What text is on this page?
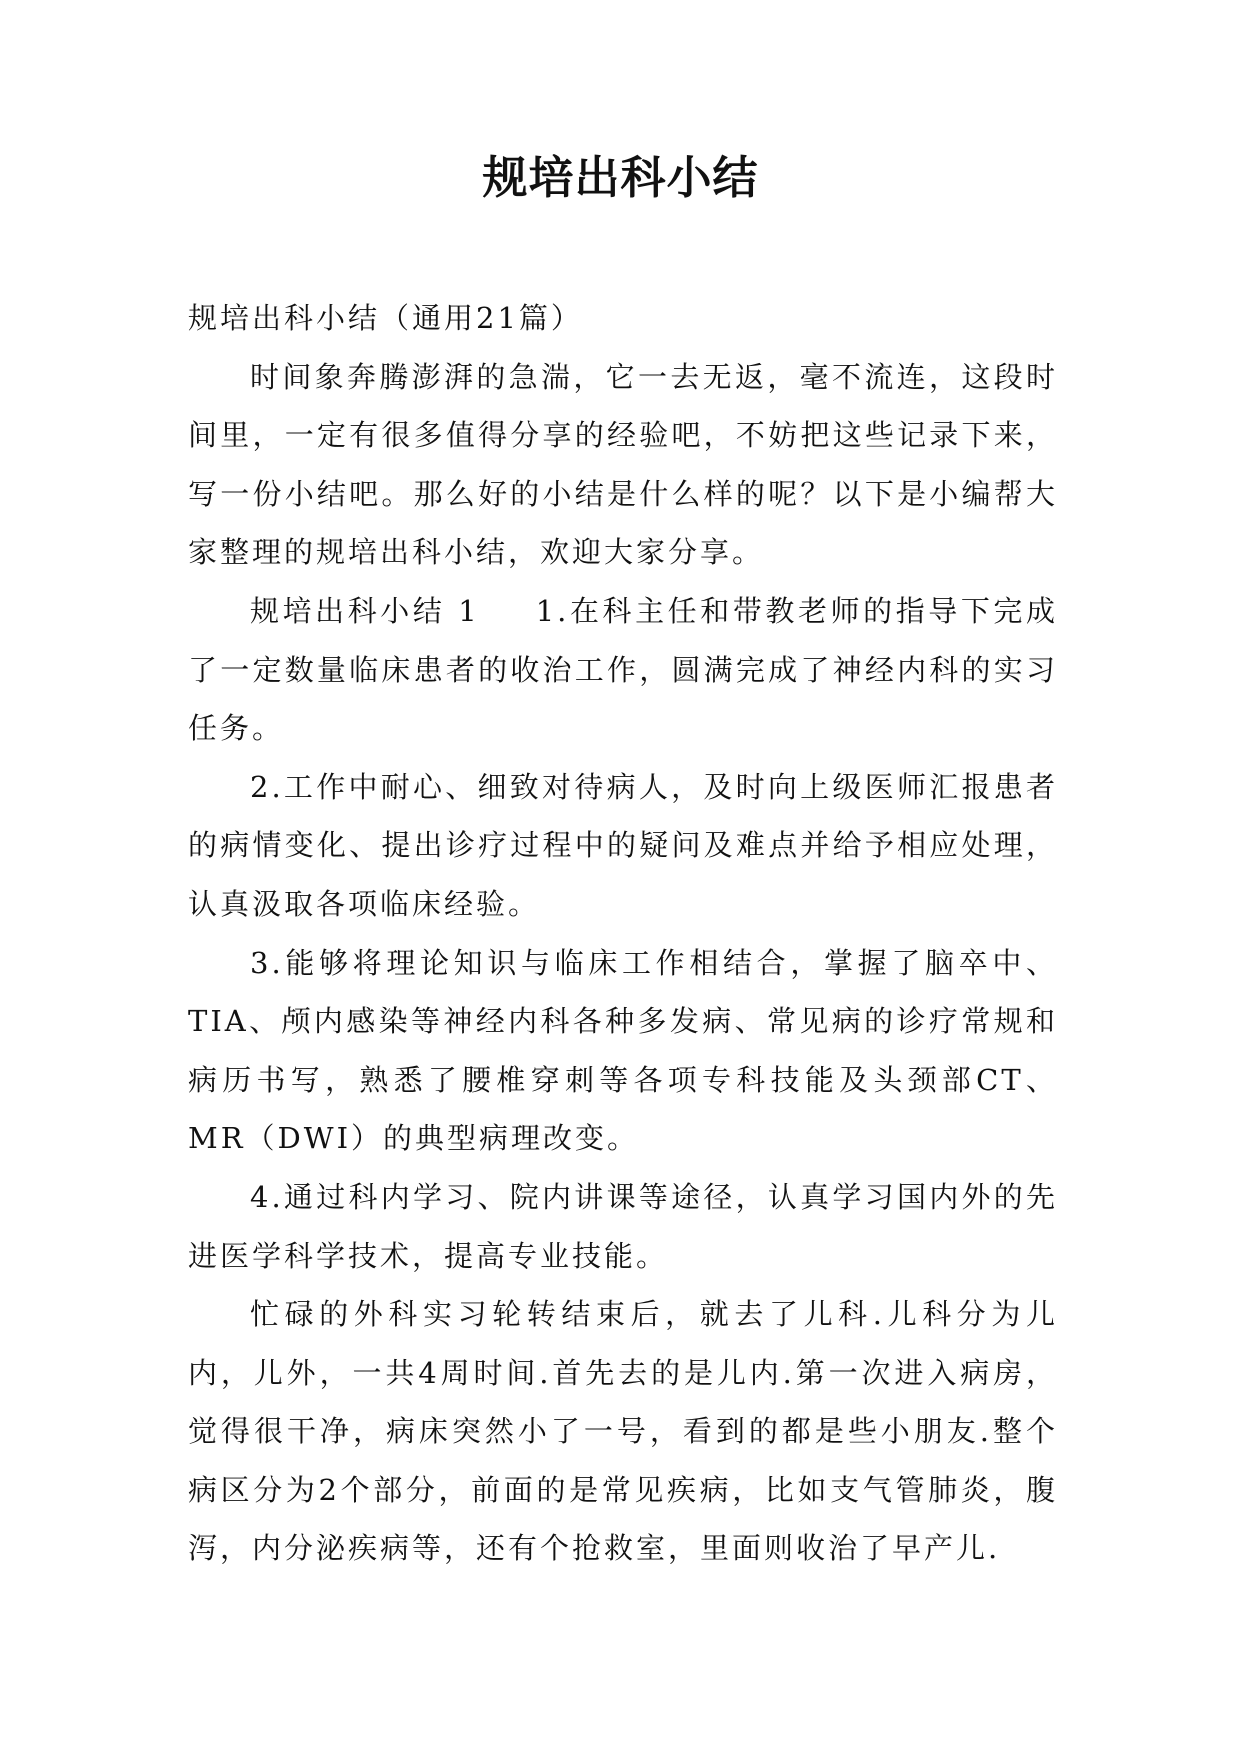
规培出科小结

规培出科小结（通用21篇）

时间象奔腾澎湃的急湍，它一去无返，毫不流连，这段时间里，一定有很多值得分享的经验吧，不妨把这些记录下来，写一份小结吧。那么好的小结是什么样的呢？以下是小编帮大家整理的规培出科小结，欢迎大家分享。

规培出科小结 1 1.在科主任和带教老师的指导下完成了一定数量临床患者的收治工作，圆满完成了神经内科的实习任务。

2.工作中耐心、细致对待病人，及时向上级医师汇报患者的病情变化、提出诊疗过程中的疑问及难点并给予相应处理，认真汲取各项临床经验。

3.能够将理论知识与临床工作相结合，掌握了脑卒中、TIA、颅内感染等神经内科各种多发病、常见病的诊疗常规和病历书写，熟悉了腰椎穿刺等各项专科技能及头颈部CT、MR（DWI）的典型病理改变。

4.通过科内学习、院内讲课等途径，认真学习国内外的先进医学科学技术，提高专业技能。

忙碌的外科实习轮转结束后，就去了儿科.儿科分为儿内，儿外，一共4周时间.首先去的是儿内.第一次进入病房，觉得很干净，病床突然小了一号，看到的都是些小朋友.整个病区分为2个部分，前面的是常见疾病，比如支气管肺炎，腹泻，内分泌疾病等，还有个抢救室，里面则收治了早产儿.
